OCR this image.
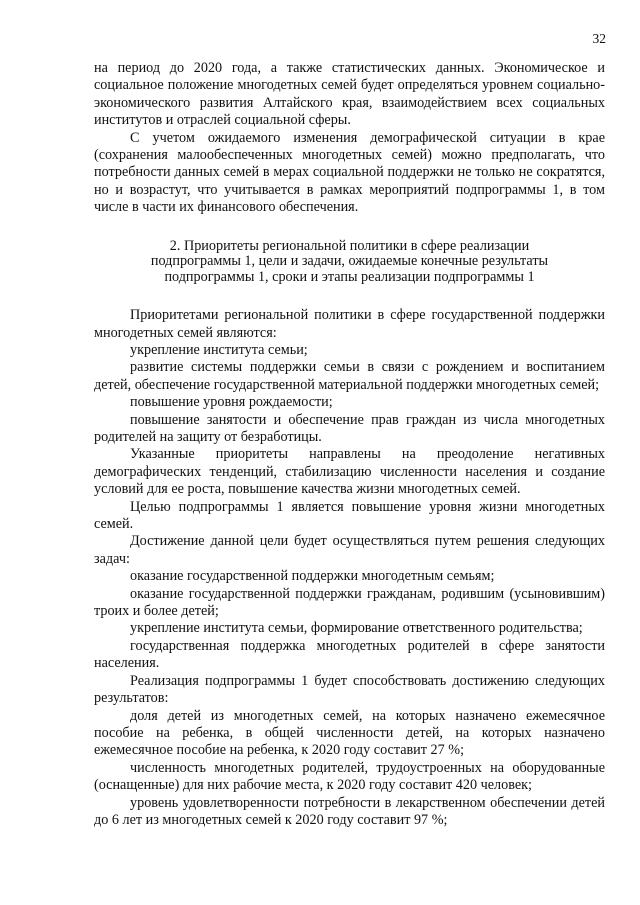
32

на период до 2020 года, а также статистических данных. Экономическое и социальное положение многодетных семей будет определяться уровнем социально-экономического развития Алтайского края, взаимодействием всех социальных институтов и отраслей социальной сферы.

С учетом ожидаемого изменения демографической ситуации в крае (сохранения малообеспеченных многодетных семей) можно предполагать, что потребности данных семей в мерах социальной поддержки не только не сократятся, но и возрастут, что учитывается в рамках мероприятий подпрограммы 1, в том числе в части их финансового обеспечения.

2. Приоритеты региональной политики в сфере реализации подпрограммы 1, цели и задачи, ожидаемые конечные результаты подпрограммы 1, сроки и этапы реализации подпрограммы 1

Приоритетами региональной политики в сфере государственной поддержки многодетных семей являются:

укрепление института семьи;

развитие системы поддержки семьи в связи с рождением и воспитанием детей, обеспечение государственной материальной поддержки многодетных семей;

повышение уровня рождаемости;

повышение занятости и обеспечение прав граждан из числа многодетных родителей на защиту от безработицы.

Указанные приоритеты направлены на преодоление негативных демографических тенденций, стабилизацию численности населения и создание условий для ее роста, повышение качества жизни многодетных семей.

Целью подпрограммы 1 является повышение уровня жизни многодетных семей.

Достижение данной цели будет осуществляться путем решения следующих задач:

оказание государственной поддержки многодетным семьям;

оказание государственной поддержки гражданам, родившим (усыновившим) троих и более детей;

укрепление института семьи, формирование ответственного родительства;

государственная поддержка многодетных родителей в сфере занятости населения.

Реализация подпрограммы 1 будет способствовать достижению следующих результатов:

доля детей из многодетных семей, на которых назначено ежемесячное пособие на ребенка, в общей численности детей, на которых назначено ежемесячное пособие на ребенка, к 2020 году составит 27 %;

численность многодетных родителей, трудоустроенных на оборудованные (оснащенные) для них рабочие места, к 2020 году составит 420 человек;

уровень удовлетворенности потребности в лекарственном обеспечении детей до 6 лет из многодетных семей к 2020 году составит 97 %;
